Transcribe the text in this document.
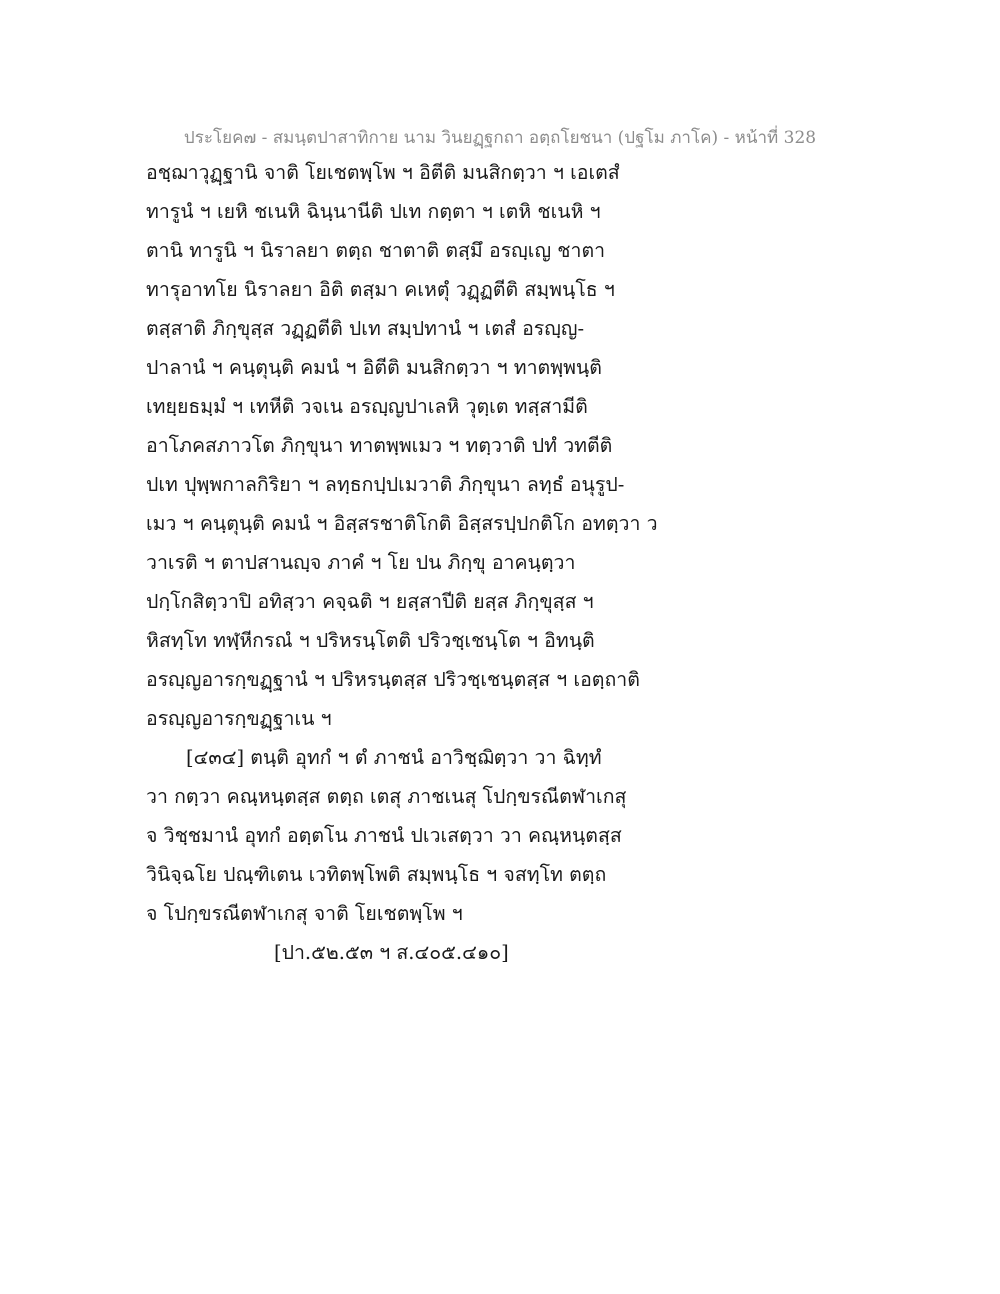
ประโยค๗ - สมนฺตปาสาทิกาย นาม วินยฏฺฐกถา อตฺถโยชนา (ปฐโม ภาโค) - หน้าที่ 328
อชฺฌาวุฏฺฐานิ จาติ โยเชตพฺโพ ฯ อิตีติ มนสิกตฺวา ฯ เอเตสํ
ทารูนํ ฯ เยหิ ชเนหิ ฉินฺนานีติ ปเท กตฺตา ฯ เตหิ ชเนหิ ฯ
ตานิ ทารูนิ ฯ นิราลยา ตตฺถ ชาตาติ ตสฺมึ อรญฺเญ ชาตา
ทารุอาทโย นิราลยา อิติ ตสฺมา คเหตุํ วฏฺฏตีติ สมฺพนฺโธ ฯ
ตสฺสาติ ภิกฺขุสฺส วฏฺฏตีติ ปเท สมฺปทานํ ฯ เตสํ อรญฺญ-
ปาลานํ ฯ คนฺตุนฺติ คมนํ ฯ อิตีติ มนสิกตฺวา ฯ ทาตพฺพนฺติ
เทยฺยธมฺมํ ฯ เทหีติ วจเน อรญฺญปาเลหิ วุตฺเต ทสฺสามีติ
อาโภคสภาวโต ภิกฺขุนา ทาตพฺพเมว ฯ ทตฺวาติ ปทํ วทตีติ
ปเท ปุพฺพกาลกิริยา ฯ ลทฺธกปฺปเมวาติ ภิกฺขุนา ลทฺธํ อนุรูป-
เมว ฯ คนฺตุนฺติ คมนํ ฯ อิสฺสรชาติโกติ อิสฺสรปฺปกติโก อทตฺวา ว
วาเรติ ฯ ตาปสานญฺจ ภาคํ ฯ โย ปน ภิกฺขุ อาคนฺตฺวา
ปกฺโกสิตฺวาปิ อทิสฺวา คจฺฉติ ฯ ยสฺสาปีติ ยสฺส ภิกฺขุสฺส ฯ
หิสทฺโท ทฬฺหีกรณํ ฯ ปริหรนฺโตติ ปริวชฺเชนฺโต ฯ อิทนฺติ
อรญฺญอารกฺขฏฺฐานํ ฯ ปริหรนฺตสฺส ปริวชฺเชนฺตสฺส ฯ เอตฺถาติ
อรญฺญอารกฺขฏฺฐาเน ฯ
[๔๓๔] ตนฺติ อุทกํ ฯ ตํ ภาชนํ อาวิชฺฌิตฺวา วา ฉิทฺทํ
วา กตฺวา คณฺหนฺตสฺส ตตฺถ เตสุ ภาชเนสุ โปกฺขรณีตฬาเกสุ
จ วิชฺชมานํ อุทกํ อตฺตโน ภาชนํ ปเวเสตฺวา วา คณฺหนฺตสฺส
วินิจฺฉโย ปณฺฑิเตน เวทิตพฺโพติ สมฺพนฺโธ ฯ จสทฺโท ตตฺถ
จ โปกฺขรณีตฬาเกสุ จาติ โยเชตพฺโพ ฯ
[ปา.๕๒.๕๓ ฯ ส.๔๐๕.๔๑๐]
